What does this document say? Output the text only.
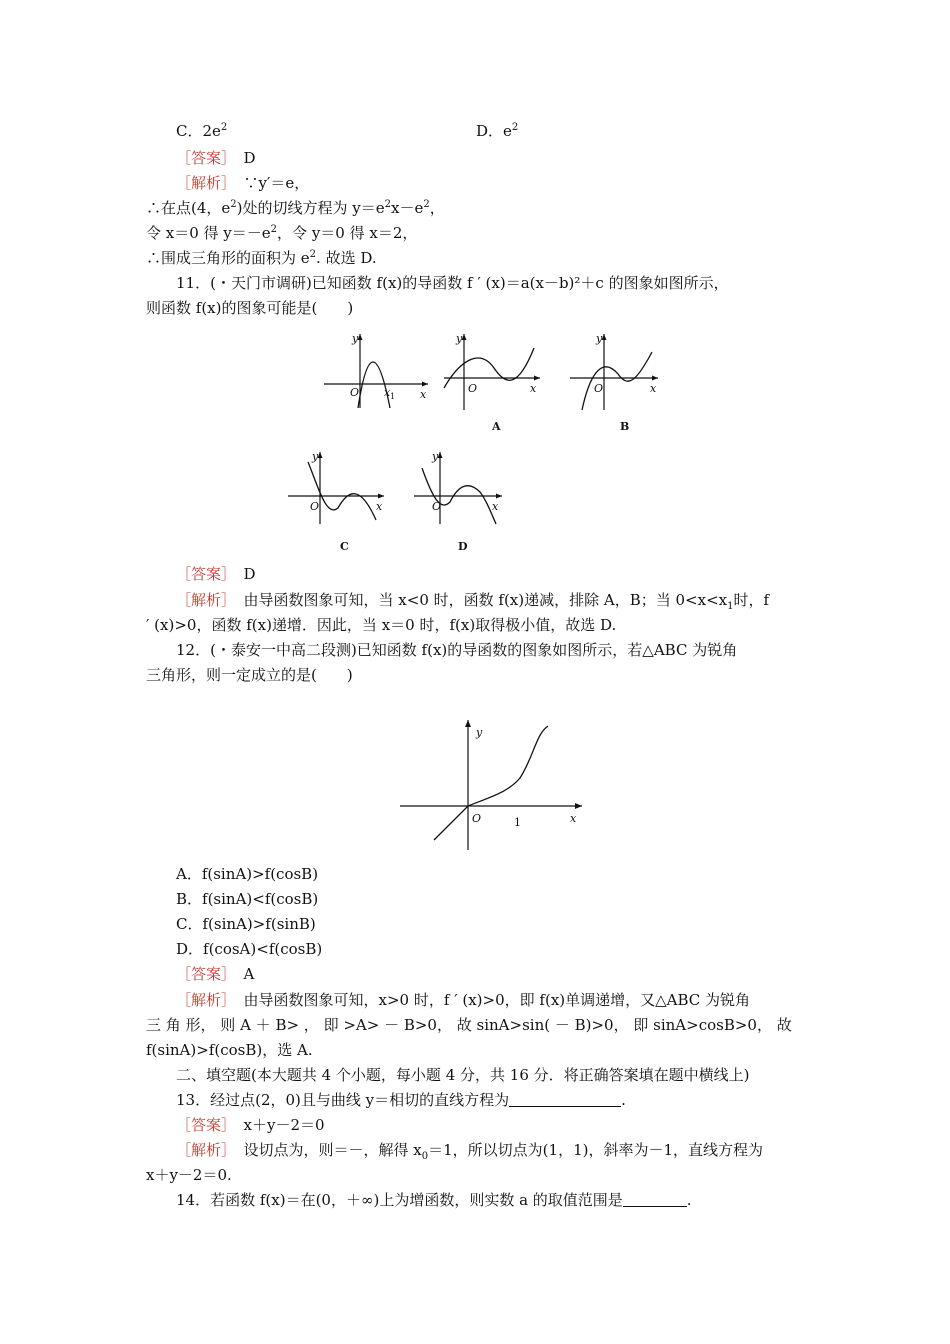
C．$2e^2$	D．$e^2$
［答案］　 D
［解析］　 ∵y′＝e，
∴在点(4，$e^2$)处的切线方程为 $y=e^2x-e^2$，
令 x＝0 得 $y=-e^2$，令 y＝0 得 x＝2，
∴围成三角形的面积为 $e^2$. 故选 D.
11．(・天门市调研)已知函数 f(x)的导函数 f ′ (x)＝a(x－b)²＋c 的图象如图所示，
则函数 f(x)的图象可能是(　　)
y
x
O x 1
y
x
O
A
y
x
O
B
y
x
O
C
y
x
O
D
［答案］　 D
［解析］　 由导函数图象可知，当 x<0 时，函数 f(x)递减，排除 A，B；当 $0<x<x_1$时，f
′ (x)>0，函数 f(x)递增．因此，当 x＝0 时，f(x)取得极小值，故选 D.
12．(・泰安一中高二段测)已知函数 f(x)的导函数的图象如图所示，若△ABC 为锐角
三角形，则一定成立的是(　　)
y
x
O	1
A．f(sinA)>f(cosB)
B．f(sinA)<f(cosB)
C．f(sinA)>f(sinB)
D．f(cosA)<f(cosB)
［答案］　 A
［解析］　 由导函数图象可知，x>0 时，f ′ (x)>0，即 f(x)单调递增，又△ABC 为锐角
三 角 形， 则 A ＋ B> ， 即 >A> － B>0， 故 sinA>sin( － B)>0， 即 sinA>cosB>0， 故
f(sinA)>f(cosB)，选 A.
二、填空题(本大题共 4 个小题，每小题 4 分，共 16 分．将正确答案填在题中横线上)
13．经过点(2，0)且与曲线 y＝相切的直线方程为	.
［答案］　 x＋y－2＝0
［解析］　 设切点为，则＝－，解得 $x_0=1$，所以切点为(1，1)，斜率为－1，直线方程为
x＋y－2＝0.
14．若函数 f(x)＝在(0，＋∞)上为增函数，则实数 a 的取值范围是	.
